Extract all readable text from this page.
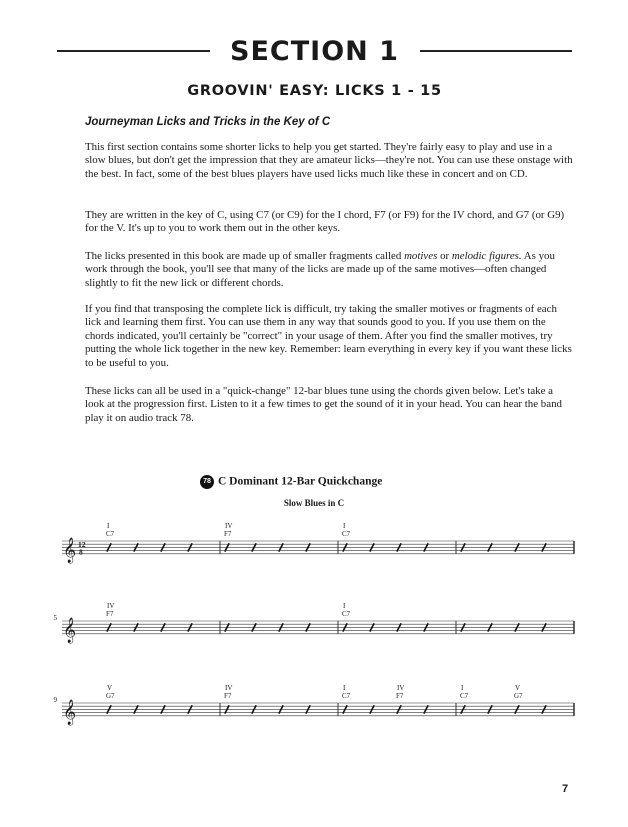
SECTION 1
GROOVIN' EASY: LICKS 1 - 15
Journeyman Licks and Tricks in the Key of C

This first section contains some shorter licks to help you get started. They're fairly easy to play and use in a slow blues, but don't get the impression that they are amateur licks—they're not. You can use these onstage with the best. In fact, some of the best blues players have used licks much like these in concert and on CD.

They are written in the key of C, using C7 (or C9) for the I chord, F7 (or F9) for the IV chord, and G7 (or G9) for the V. It's up to you to work them out in the other keys.

The licks presented in this book are made up of smaller fragments called motives or melodic figures. As you work through the book, you'll see that many of the licks are made up of the same motives—often changed slightly to fit the new lick or different chords.

If you find that transposing the complete lick is difficult, try taking the smaller motives or fragments of each lick and learning them first. You can use them in any way that sounds good to you. If you use them on the chords indicated, you'll certainly be "correct" in your usage of them. After you find the smaller motives, try putting the whole lick together in the new key. Remember: learn everything in every key if you want these licks to be useful to you.

These licks can all be used in a "quick-change" 12-bar blues tune using the chords given below. Let's take a look at the progression first. Listen to it a few times to get the sound of it in your head. You can hear the band play it on audio track 78.

78 C Dominant 12-Bar Quickchange
Slow Blues in C
𝄞 12
8
I
C7
IV
F7
I
C7
𝄞
5
IV
F7
I
C7
𝄞
9
V
G7
IV
F7
I
C7
IV
F7
I
C7
V
G7
7
